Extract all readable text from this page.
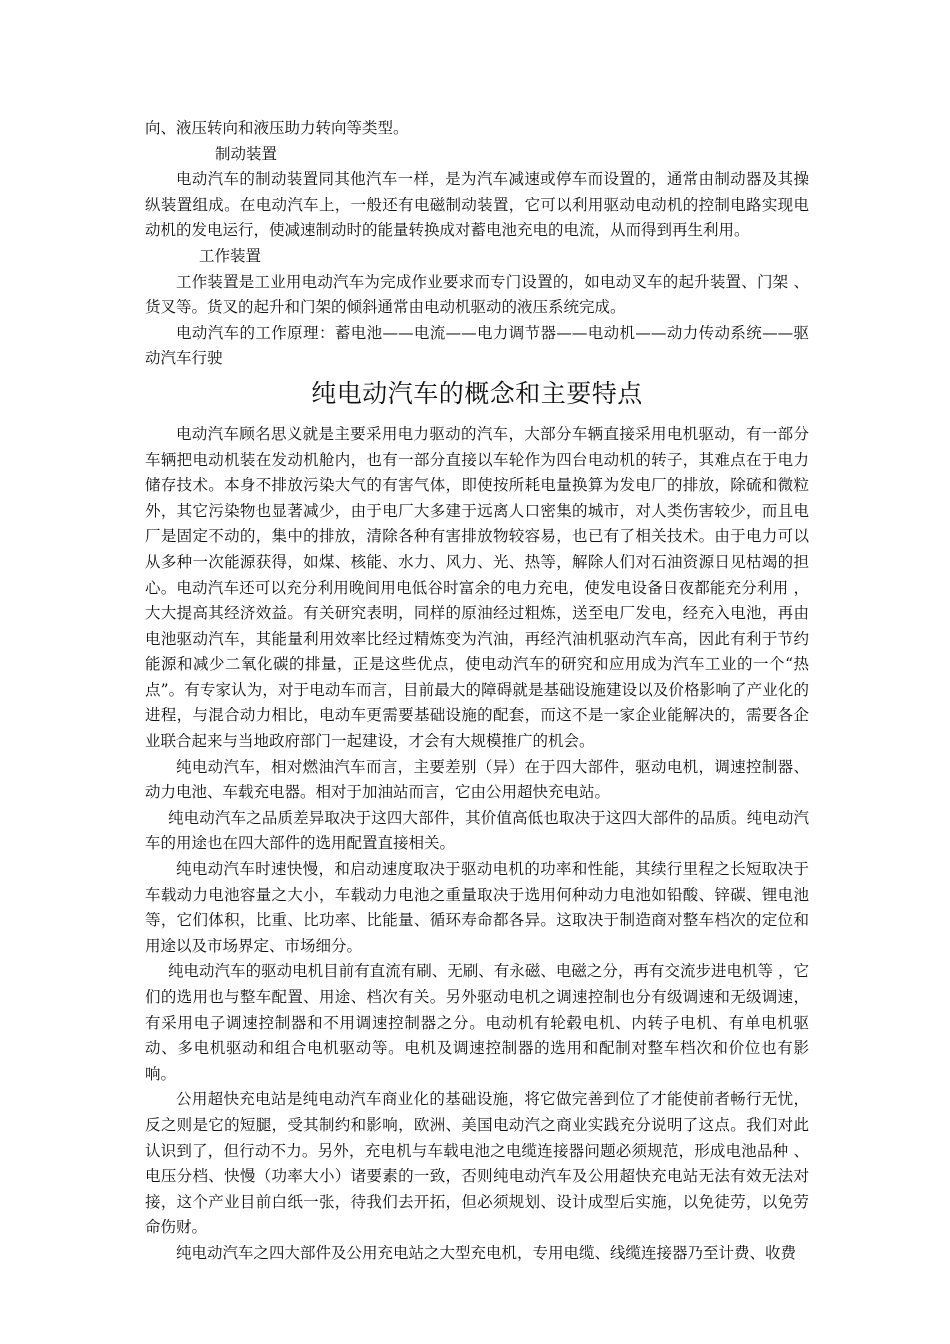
向、液压转向和液压助力转向等类型。

制动装置

电动汽车的制动装置同其他汽车一样，是为汽车减速或停车而设置的，通常由制动器及其操纵装置组成。在电动汽车上，一般还有电磁制动装置，它可以利用驱动电动机的控制电路实现电动机的发电运行，使减速制动时的能量转换成对蓄电池充电的电流，从而得到再生利用。

工作装置

工作装置是工业用电动汽车为完成作业要求而专门设置的，如电动叉车的起升装置、门架 、货叉等。货叉的起升和门架的倾斜通常由电动机驱动的液压系统完成。

电动汽车的工作原理：蓄电池——电流——电力调节器——电动机——动力传动系统——驱动汽车行驶

纯电动汽车的概念和主要特点

电动汽车顾名思义就是主要采用电力驱动的汽车，大部分车辆直接采用电机驱动，有一部分车辆把电动机装在发动机舱内，也有一部分直接以车轮作为四台电动机的转子，其难点在于电力储存技术。本身不排放污染大气的有害气体，即使按所耗电量换算为发电厂的排放，除硫和微粒外，其它污染物也显著减少，由于电厂大多建于远离人口密集的城市，对人类伤害较少，而且电厂是固定不动的，集中的排放，清除各种有害排放物较容易，也已有了相关技术。由于电力可以从多种一次能源获得，如煤、核能、水力、风力、光、热等，解除人们对石油资源日见枯竭的担心。电动汽车还可以充分利用晚间用电低谷时富余的电力充电，使发电设备日夜都能充分利用 ，大大提高其经济效益。有关研究表明，同样的原油经过粗炼，送至电厂发电，经充入电池，再由电池驱动汽车，其能量利用效率比经过精炼变为汽油，再经汽油机驱动汽车高，因此有利于节约能源和减少二氧化碳的排量，正是这些优点，使电动汽车的研究和应用成为汽车工业的一个“热点”。有专家认为，对于电动车而言，目前最大的障碍就是基础设施建设以及价格影响了产业化的进程，与混合动力相比，电动车更需要基础设施的配套，而这不是一家企业能解决的，需要各企业联合起来与当地政府部门一起建设，才会有大规模推广的机会。

纯电动汽车，相对燃油汽车而言，主要差别（异）在于四大部件，驱动电机，调速控制器、动力电池、车载充电器。相对于加油站而言，它由公用超快充电站。

纯电动汽车之品质差异取决于这四大部件，其价值高低也取决于这四大部件的品质。纯电动汽车的用途也在四大部件的选用配置直接相关。

纯电动汽车时速快慢，和启动速度取决于驱动电机的功率和性能，其续行里程之长短取决于车载动力电池容量之大小，车载动力电池之重量取决于选用何种动力电池如铅酸、锌碳、锂电池等，它们体积，比重、比功率、比能量、循环寿命都各异。这取决于制造商对整车档次的定位和用途以及市场界定、市场细分。

纯电动汽车的驱动电机目前有直流有刷、无刷、有永磁、电磁之分，再有交流步进电机等 ，它们的选用也与整车配置、用途、档次有关。另外驱动电机之调速控制也分有级调速和无级调速，有采用电子调速控制器和不用调速控制器之分。电动机有轮毂电机、内转子电机、有单电机驱动、多电机驱动和组合电机驱动等。电机及调速控制器的选用和配制对整车档次和价位也有影响。

公用超快充电站是纯电动汽车商业化的基础设施，将它做完善到位了才能使前者畅行无忧，反之则是它的短腿，受其制约和影响，欧洲、美国电动汽之商业实践充分说明了这点。我们对此认识到了，但行动不力。另外，充电机与车载电池之电缆连接器问题必须规范，形成电池品种 、电压分档、快慢（功率大小）诸要素的一致，否则纯电动汽车及公用超快充电站无法有效无法对接，这个产业目前白纸一张，待我们去开拓，但必须规划、设计成型后实施，以免徒劳，以免劳命伤财。

纯电动汽车之四大部件及公用充电站之大型充电机，专用电缆、线缆连接器乃至计费、收费
